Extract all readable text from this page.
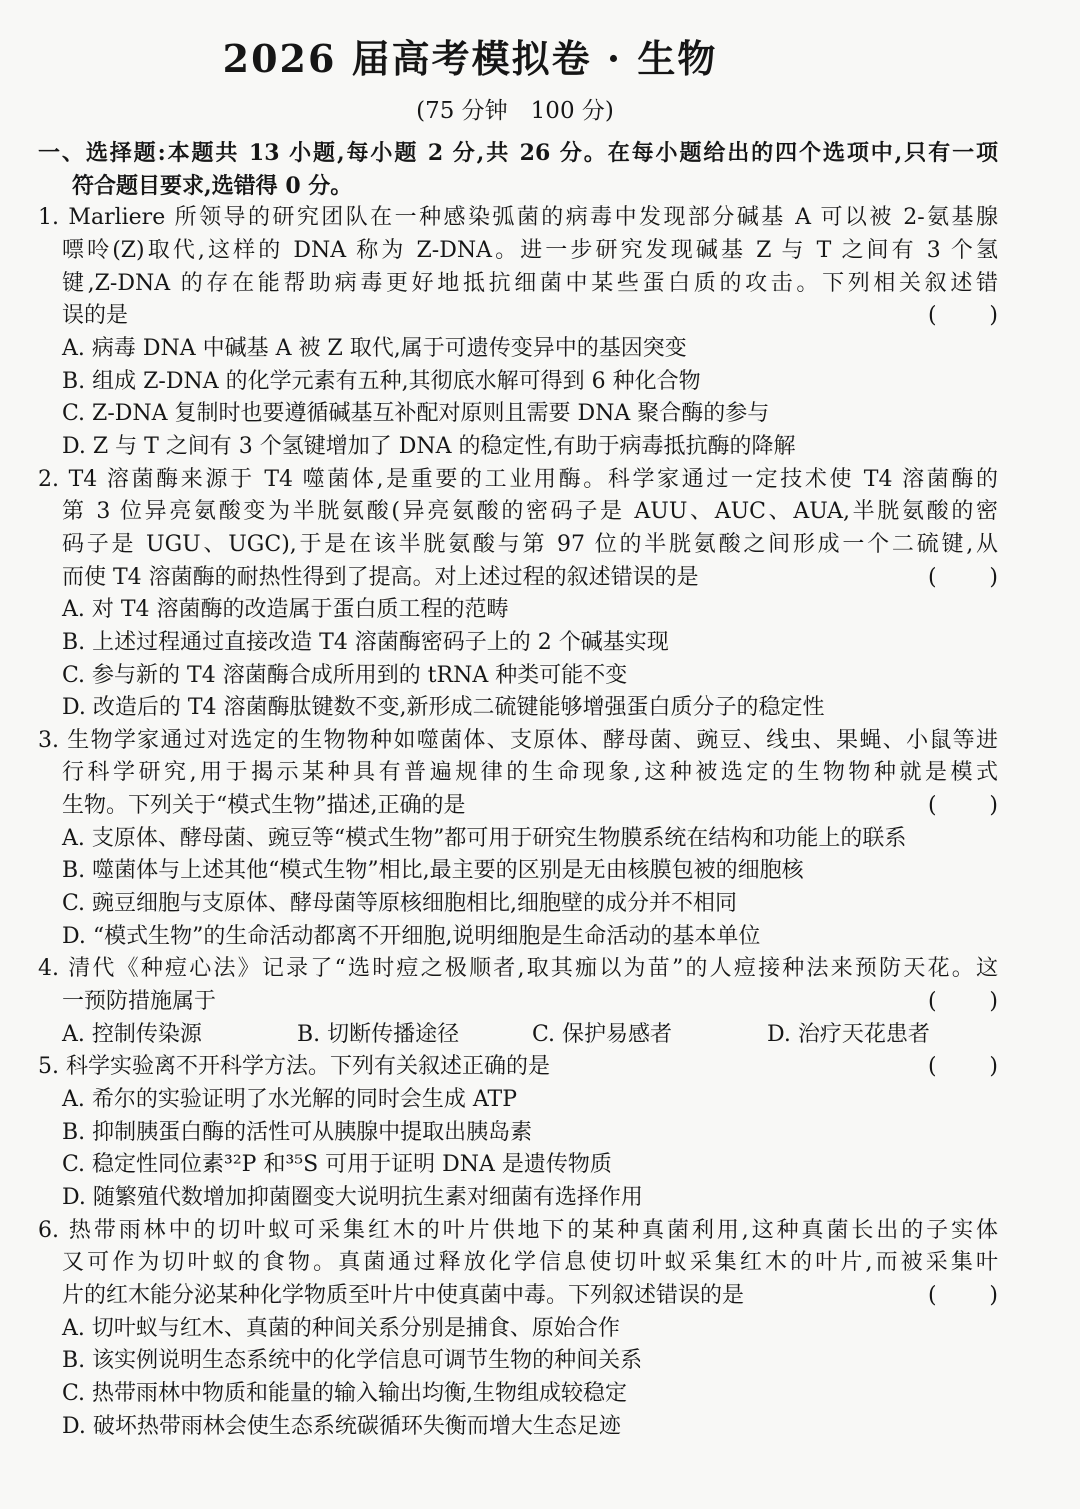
2026 届高考模拟卷 · 生物
(75 分钟　100 分)
一、选择题:本题共 13 小题,每小题 2 分,共 26 分。在每小题给出的四个选项中,只有一项
符合题目要求,选错得 0 分。
1. Marliere 所领导的研究团队在一种感染弧菌的病毒中发现部分碱基 A 可以被 2-氨基腺
嘌呤(Z)取代,这样的 DNA 称为 Z-DNA。进一步研究发现碱基 Z 与 T 之间有 3 个氢
键,Z-DNA 的存在能帮助病毒更好地抵抗细菌中某些蛋白质的攻击。下列相关叙述错
( )
误的是
A. 病毒 DNA 中碱基 A 被 Z 取代,属于可遗传变异中的基因突变
B. 组成 Z-DNA 的化学元素有五种,其彻底水解可得到 6 种化合物
C. Z-DNA 复制时也要遵循碱基互补配对原则且需要 DNA 聚合酶的参与
D. Z 与 T 之间有 3 个氢键增加了 DNA 的稳定性,有助于病毒抵抗酶的降解
2. T4 溶菌酶来源于 T4 噬菌体,是重要的工业用酶。科学家通过一定技术使 T4 溶菌酶的
第 3 位异亮氨酸变为半胱氨酸(异亮氨酸的密码子是 AUU、AUC、AUA,半胱氨酸的密
码子是 UGU、UGC),于是在该半胱氨酸与第 97 位的半胱氨酸之间形成一个二硫键,从
( )
而使 T4 溶菌酶的耐热性得到了提高。对上述过程的叙述错误的是
A. 对 T4 溶菌酶的改造属于蛋白质工程的范畴
B. 上述过程通过直接改造 T4 溶菌酶密码子上的 2 个碱基实现
C. 参与新的 T4 溶菌酶合成所用到的 tRNA 种类可能不变
D. 改造后的 T4 溶菌酶肽键数不变,新形成二硫键能够增强蛋白质分子的稳定性
3. 生物学家通过对选定的生物物种如噬菌体、支原体、酵母菌、豌豆、线虫、果蝇、小鼠等进
行科学研究,用于揭示某种具有普遍规律的生命现象,这种被选定的生物物种就是模式
( )
生物。下列关于“模式生物”描述,正确的是
A. 支原体、酵母菌、豌豆等“模式生物”都可用于研究生物膜系统在结构和功能上的联系
B. 噬菌体与上述其他“模式生物”相比,最主要的区别是无由核膜包被的细胞核
C. 豌豆细胞与支原体、酵母菌等原核细胞相比,细胞壁的成分并不相同
D. “模式生物”的生命活动都离不开细胞,说明细胞是生命活动的基本单位
4. 清代《种痘心法》记录了“选时痘之极顺者,取其痂以为苗”的人痘接种法来预防天花。这
( )
一预防措施属于
A. 控制传染源	B. 切断传播途径	C. 保护易感者	D. 治疗天花患者
( )
5. 科学实验离不开科学方法。下列有关叙述正确的是
A. 希尔的实验证明了水光解的同时会生成 ATP
B. 抑制胰蛋白酶的活性可从胰腺中提取出胰岛素
C. 稳定性同位素³²P 和³⁵S 可用于证明 DNA 是遗传物质
D. 随繁殖代数增加抑菌圈变大说明抗生素对细菌有选择作用
6. 热带雨林中的切叶蚁可采集红木的叶片供地下的某种真菌利用,这种真菌长出的子实体
又可作为切叶蚁的食物。真菌通过释放化学信息使切叶蚁采集红木的叶片,而被采集叶
( )
片的红木能分泌某种化学物质至叶片中使真菌中毒。下列叙述错误的是
A. 切叶蚁与红木、真菌的种间关系分别是捕食、原始合作
B. 该实例说明生态系统中的化学信息可调节生物的种间关系
C. 热带雨林中物质和能量的输入输出均衡,生物组成较稳定
D. 破坏热带雨林会使生态系统碳循环失衡而增大生态足迹
